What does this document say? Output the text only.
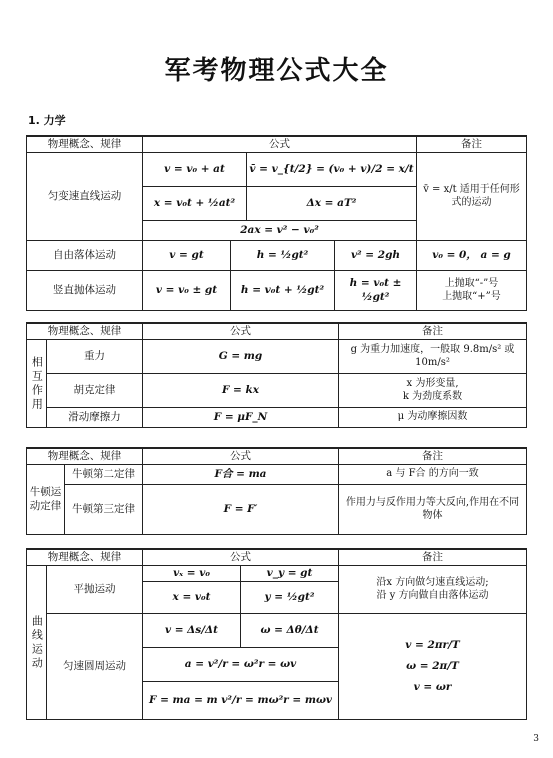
军考物理公式大全
1. 力学
物理概念、规律	公式				备注
匀变速直线运动	v = v₀ + at		v̄ = v_{t/2} = (v₀ + v)/2 = x/t		v̄ = x/t 适用于任何形式的运动
	x = v₀t + ½at²		Δx = aT²		
	2ax = v² − v₀²				
自由落体运动	v = gt	h = ½gt²		v² = 2gh	v₀ = 0， a = g
竖直抛体运动	v = v₀ ± gt	h = v₀t + ½gt²		h = v₀t ± ½gt²	上抛取“-”号
上抛取“+”号
物理概念、规律		公式	备注
相互作用	重力	G = mg	g 为重力加速度，一般取 9.8m/s² 或 10m/s²
	胡克定律	F = kx	x 为形变量,
k 为劲度系数

	滑动摩擦力	F = μF_N	μ 为动摩擦因数
物理概念、规律		公式	备注
牛顿运动定律	牛顿第二定律	F合 = ma	a 与 F合 的方向一致
	牛顿第三定律	F = F′	作用力与反作用力等大反向,作用在不同物体
物理概念、规律		公式		备注
曲线运动	平抛运动	vₓ = v₀	v_y = gt	沿x 方向做匀速直线运动;
沿 y 方向做自由落体运动

		x = v₀t	y = ½gt²	
	匀速圆周运动	v = Δs/Δt	ω = Δθ/Δt	v = 2πr/T
ω = 2π/T
v = ωr

		a = v²/r = ω²r = ωv		
		F = ma = m v²/r = mω²r = mωv		
3
